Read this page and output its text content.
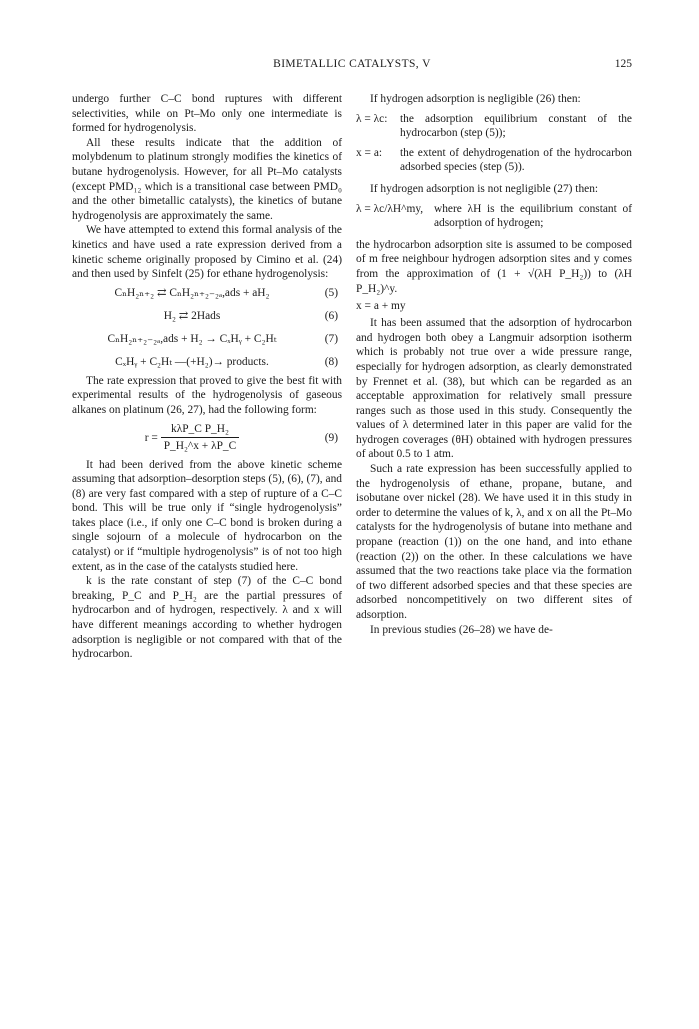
BIMETALLIC CATALYSTS, V	125

undergo further C–C bond ruptures with different selectivities, while on Pt–Mo only one intermediate is formed for hydrogenolysis.

All these results indicate that the addition of molybdenum to platinum strongly modifies the kinetics of butane hydrogenolysis. However, for all Pt–Mo catalysts (except PMD₁₂ which is a transitional case between PMD₀ and the other bimetallic catalysts), the kinetics of butane hydrogenolysis are approximately the same.

We have attempted to extend this formal analysis of the kinetics and have used a rate expression derived from a kinetic scheme originally proposed by Cimino et al. (24) and then used by Sinfelt (25) for ethane hydrogenolysis:

CₙH₂ₙ₊₂ ⇄ CₙH₂ₙ₊₂₋₂ₐ,ads + aH₂	(5)
H₂ ⇄ 2Hads	(6)
CₙH₂ₙ₊₂₋₂ₐ,ads + H₂ → CₓHᵧ + C₂Hₜ	(7)
CₓHᵧ + C₂Hₜ —(+H₂)→ products.	(8)

The rate expression that proved to give the best fit with experimental results of the hydrogenolysis of gaseous alkanes on platinum (26, 27), had the following form:

$r = \frac{\text{kλP\_C P\_H₂}}{\text{P\_H₂\textasciicircum{}x + λP\_C}}$	(9)

It had been derived from the above kinetic scheme assuming that adsorption–desorption steps (5), (6), (7), and (8) are very fast compared with a step of rupture of a C–C bond. This will be true only if “single hydrogenolysis” takes place (i.e., if only one C–C bond is broken during a single sojourn of a molecule of hydrocarbon on the catalyst) or if “multiple hydrogenolysis” is of not too high extent, as in the case of the catalysts studied here.

k is the rate constant of step (7) of the C–C bond breaking, P_C and P_H₂ are the partial pressures of hydrocarbon and of hydrogen, respectively. λ and x will have different meanings according to whether hydrogen adsorption is negligible or not compared with that of the hydrocarbon.

If hydrogen adsorption is negligible (26) then:

λ = λc: the adsorption equilibrium constant of the hydrocarbon (step (5));
x = a: the extent of dehydrogenation of the hydrocarbon adsorbed species (step (5)).

If hydrogen adsorption is not negligible (27) then:

λ = λc/λH^my, where λH is the equilibrium constant of adsorption of hydrogen;

the hydrocarbon adsorption site is assumed to be composed of m free neighbour hydrogen adsorption sites and y comes from the approximation of (1 + √(λH P_H₂)) to (λH P_H₂)^y.

x = a + my

It has been assumed that the adsorption of hydrocarbon and hydrogen both obey a Langmuir adsorption isotherm which is probably not true over a wide pressure range, especially for hydrogen adsorption, as clearly demonstrated by Frennet et al. (38), but which can be regarded as an acceptable approximation for relatively small pressure ranges such as those used in this study. Consequently the values of λ determined later in this paper are valid for the hydrogen coverages (θH) obtained with hydrogen pressures of about 0.5 to 1 atm.

Such a rate expression has been successfully applied to the hydrogenolysis of ethane, propane, butane, and isobutane over nickel (28). We have used it in this study in order to determine the values of k, λ, and x on all the Pt–Mo catalysts for the hydrogenolysis of butane into methane and propane (reaction (1)) on the one hand, and into ethane (reaction (2)) on the other. In these calculations we have assumed that the two reactions take place via the formation of two different adsorbed species and that these species are adsorbed noncompetitively on two different sites of adsorption.

In previous studies (26–28) we have de-
